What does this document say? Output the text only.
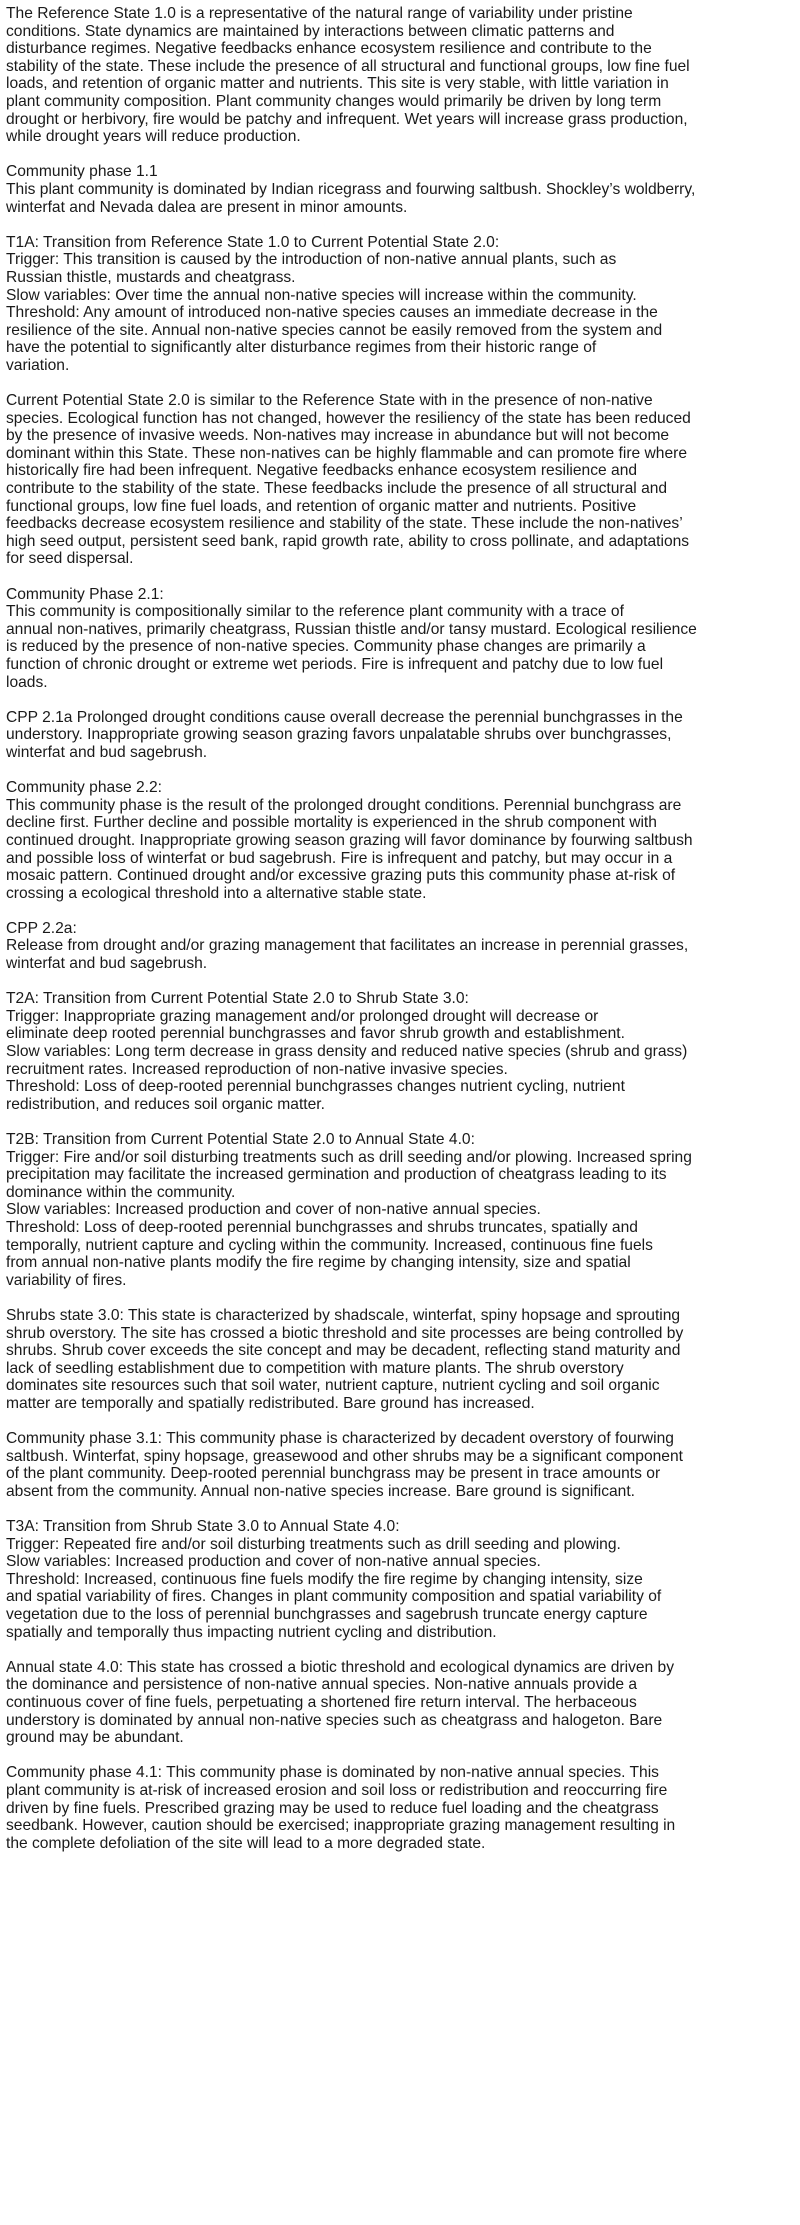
The Reference State 1.0 is a representative of the natural range of variability under pristine
conditions. State dynamics are maintained by interactions between climatic patterns and
disturbance regimes. Negative feedbacks enhance ecosystem resilience and contribute to the
stability of the state. These include the presence of all structural and functional groups, low fine fuel
loads, and retention of organic matter and nutrients. This site is very stable, with little variation in
plant community composition. Plant community changes would primarily be driven by long term
drought or herbivory, fire would be patchy and infrequent. Wet years will increase grass production,
while drought years will reduce production.
Community phase 1.1
This plant community is dominated by Indian ricegrass and fourwing saltbush. Shockley’s woldberry,
winterfat and Nevada dalea are present in minor amounts.
T1A: Transition from Reference State 1.0 to Current Potential State 2.0:
Trigger: This transition is caused by the introduction of non-native annual plants, such as
Russian thistle, mustards and cheatgrass.
Slow variables: Over time the annual non-native species will increase within the community.
Threshold: Any amount of introduced non-native species causes an immediate decrease in the
resilience of the site. Annual non-native species cannot be easily removed from the system and
have the potential to significantly alter disturbance regimes from their historic range of
variation.
Current Potential State 2.0 is similar to the Reference State with in the presence of non-native
species. Ecological function has not changed, however the resiliency of the state has been reduced
by the presence of invasive weeds. Non-natives may increase in abundance but will not become
dominant within this State. These non-natives can be highly flammable and can promote fire where
historically fire had been infrequent. Negative feedbacks enhance ecosystem resilience and
contribute to the stability of the state. These feedbacks include the presence of all structural and
functional groups, low fine fuel loads, and retention of organic matter and nutrients. Positive
feedbacks decrease ecosystem resilience and stability of the state. These include the non-natives’
high seed output, persistent seed bank, rapid growth rate, ability to cross pollinate, and adaptations
for seed dispersal.
Community Phase 2.1:
This community is compositionally similar to the reference plant community with a trace of
annual non-natives, primarily cheatgrass, Russian thistle and/or tansy mustard. Ecological resilience
is reduced by the presence of non-native species. Community phase changes are primarily a
function of chronic drought or extreme wet periods. Fire is infrequent and patchy due to low fuel
loads.
CPP 2.1a Prolonged drought conditions cause overall decrease the perennial bunchgrasses in the
understory. Inappropriate growing season grazing favors unpalatable shrubs over bunchgrasses,
winterfat and bud sagebrush.
Community phase 2.2:
This community phase is the result of the prolonged drought conditions. Perennial bunchgrass are
decline first. Further decline and possible mortality is experienced in the shrub component with
continued drought. Inappropriate growing season grazing will favor dominance by fourwing saltbush
and possible loss of winterfat or bud sagebrush. Fire is infrequent and patchy, but may occur in a
mosaic pattern. Continued drought and/or excessive grazing puts this community phase at-risk of
crossing a ecological threshold into a alternative stable state.
CPP 2.2a:
Release from drought and/or grazing management that facilitates an increase in perennial grasses,
winterfat and bud sagebrush.
T2A: Transition from Current Potential State 2.0 to Shrub State 3.0:
Trigger: Inappropriate grazing management and/or prolonged drought will decrease or
eliminate deep rooted perennial bunchgrasses and favor shrub growth and establishment.
Slow variables: Long term decrease in grass density and reduced native species (shrub and grass)
recruitment rates. Increased reproduction of non-native invasive species.
Threshold: Loss of deep-rooted perennial bunchgrasses changes nutrient cycling, nutrient
redistribution, and reduces soil organic matter.
T2B: Transition from Current Potential State 2.0 to Annual State 4.0:
Trigger: Fire and/or soil disturbing treatments such as drill seeding and/or plowing. Increased spring
precipitation may facilitate the increased germination and production of cheatgrass leading to its
dominance within the community.
Slow variables: Increased production and cover of non-native annual species.
Threshold: Loss of deep-rooted perennial bunchgrasses and shrubs truncates, spatially and
temporally, nutrient capture and cycling within the community. Increased, continuous fine fuels
from annual non-native plants modify the fire regime by changing intensity, size and spatial
variability of fires.
Shrubs state 3.0: This state is characterized by shadscale, winterfat, spiny hopsage and sprouting
shrub overstory. The site has crossed a biotic threshold and site processes are being controlled by
shrubs. Shrub cover exceeds the site concept and may be decadent, reflecting stand maturity and
lack of seedling establishment due to competition with mature plants. The shrub overstory
dominates site resources such that soil water, nutrient capture, nutrient cycling and soil organic
matter are temporally and spatially redistributed. Bare ground has increased.
Community phase 3.1: This community phase is characterized by decadent overstory of fourwing
saltbush. Winterfat, spiny hopsage, greasewood and other shrubs may be a significant component
of the plant community. Deep-rooted perennial bunchgrass may be present in trace amounts or
absent from the community. Annual non-native species increase. Bare ground is significant.
T3A: Transition from Shrub State 3.0 to Annual State 4.0:
Trigger: Repeated fire and/or soil disturbing treatments such as drill seeding and plowing.
Slow variables: Increased production and cover of non-native annual species.
Threshold: Increased, continuous fine fuels modify the fire regime by changing intensity, size
and spatial variability of fires. Changes in plant community composition and spatial variability of
vegetation due to the loss of perennial bunchgrasses and sagebrush truncate energy capture
spatially and temporally thus impacting nutrient cycling and distribution.
Annual state 4.0: This state has crossed a biotic threshold and ecological dynamics are driven by
the dominance and persistence of non-native annual species. Non-native annuals provide a
continuous cover of fine fuels, perpetuating a shortened fire return interval. The herbaceous
understory is dominated by annual non-native species such as cheatgrass and halogeton. Bare
ground may be abundant.
Community phase 4.1: This community phase is dominated by non-native annual species. This
plant community is at-risk of increased erosion and soil loss or redistribution and reoccurring fire
driven by fine fuels. Prescribed grazing may be used to reduce fuel loading and the cheatgrass
seedbank. However, caution should be exercised; inappropriate grazing management resulting in
the complete defoliation of the site will lead to a more degraded state.
